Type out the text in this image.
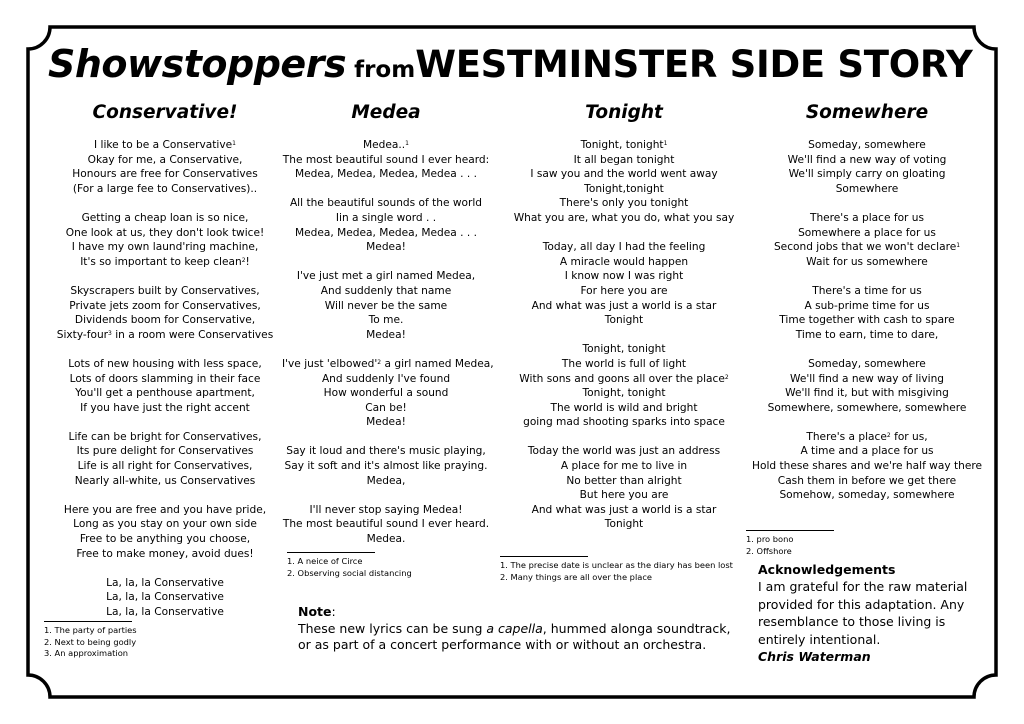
Showstoppers fromWESTMINSTER SIDE STORY
Conservative!
I like to be a Conservative$^1$
Okay for me, a Conservative,
Honours are free for Conservatives
(For a large fee to Conservatives)..
Getting a cheap loan is so nice,
One look at us, they don't look twice!
I have my own laund'ring machine,
It's so important to keep clean$^2$!
Skyscrapers built by Conservatives,
Private jets zoom for Conservatives,
Dividends boom for Conservative,
Sixty-four$^3$ in a room were Conservatives
Lots of new housing with less space,
Lots of doors slamming in their face
You'll get a penthouse apartment,
If you have just the right accent
Life can be bright for Conservatives,
Its pure delight for Conservatives
Life is all right for Conservatives,
Nearly all-white, us Conservatives
Here you are free and you have pride,
Long as you stay on your own side
Free to be anything you choose,
Free to make money, avoid dues!
La, la, la Conservative
La, la, la Conservative
La, la, la Conservative
Medea
Medea..$^1$
The most beautiful sound I ever heard:
Medea, Medea, Medea, Medea . . .
All the beautiful sounds of the world
Iin a single word . .
Medea, Medea, Medea, Medea . . .
Medea!
I've just met a girl named Medea,
And suddenly that name
Will never be the same
To me.
Medea!
I've just '$elbowed'^2$ a girl named Medea,
And suddenly I've found
How wonderful a sound
Can be!
Medea!
Say it loud and there's music playing,
Say it soft and it's almost like praying.
Medea,
I'll never stop saying Medea!
The most beautiful sound I ever heard.
Medea.
Tonight
Tonight, tonight$^1$
It all began tonight
I saw you and the world went away
Tonight,tonight
There's only you tonight
What you are, what you do, what you say
Today, all day I had the feeling
A miracle would happen
I know now I was right
For here you are
And what was just a world is a star
Tonight
Tonight, tonight
The world is full of light
With sons and goons all over the place$^2$
Tonight, tonight
The world is wild and bright
going mad shooting sparks into space
Today the world was just an address
A place for me to live in
No better than alright
But here you are
And what was just a world is a star
Tonight
Somewhere
Someday, somewhere
We'll find a new way of voting
We'll simply carry on gloating
Somewhere
There's a place for us
Somewhere a place for us
Second jobs that we won't declare$^1$
Wait for us somewhere
There's a time for us
A sub-prime time for us
Time together with cash to spare
Time to earn, time to dare,
Someday, somewhere
We'll find a new way of living
We'll find it, but with misgiving
Somewhere, somewhere, somewhere
There's a place$^2$ for us,
A time and a place for us
Hold these shares and we're half way there
Cash them in before we get there
Somehow, someday, somewhere
1. The party of parties
2. Next to being godly
3. An approximation
1. A neice of Circe
2. Observing social distancing
1. The precise date is unclear as the diary has been lost
2. Many things are all over the place
1. pro bono
2. Offshore
Note:
These new lyrics can be sung a capella, hummed alonga soundtrack, or as part of a concert performance with or without an orchestra.
Acknowledgements
I am grateful for the raw material provided for this adaptation. Any resemblance to those living is entirely intentional.
Chris Waterman
